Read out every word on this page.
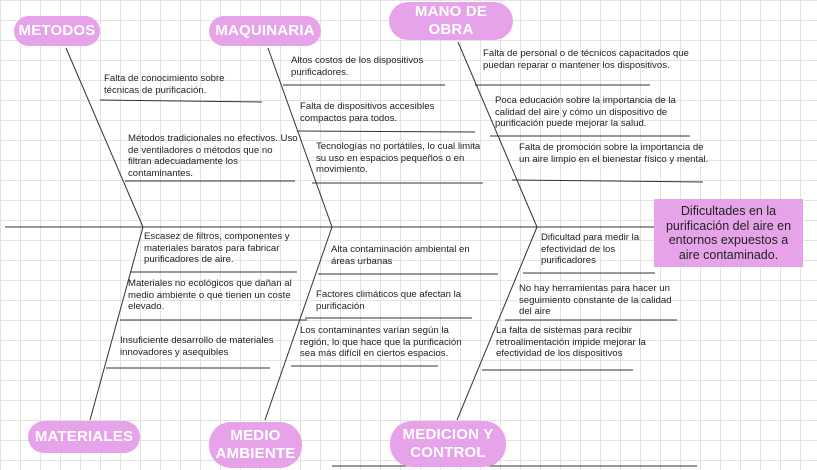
METODOS	MAQUINARIA
MANO DE OBRA
MATERIALES	MEDIO AMBIENTE
MEDICION Y CONTROL
Dificultades en la purificación del aire en entornos expuestos a aire contaminado.

Falta de conocimiento sobre técnicas de purificación.

Métodos tradicionales no efectivos. Uso de ventiladores o métodos que no filtran adecuadamente los contaminantes.

Altos costos de los dispositivos purificadores.

Falta de dispositivos accesibles compactos para todos.

Tecnologías no portátiles, lo cual limita su uso en espacios pequeños o en movimiento.

Falta de personal o de técnicos capacitados que puedan reparar o mantener los dispositivos.

Poca educación sobre la importancia de la calidad del aire y cómo un dispositivo de purificación puede mejorar la salud.

Falta de promoción sobre la importancia de un aire limpio en el bienestar físico y mental.

Escasez de filtros, componentes y materiales baratos para fabricar purificadores de aire.

Materiales no ecológicos que dañan al medio ambiente o que tienen un coste elevado.

Insuficiente desarrollo de materiales innovadores y asequibles

Alta contaminación ambiental en áreas urbanas

Factores climáticos que afectan la purificación

Los contaminantes varían según la región, lo que hace que la purificación sea más difícil en ciertos espacios.

Dificultad para medir la efectividad de los purificadores

No hay herramientas para hacer un seguimiento constante de la calidad del aire

La falta de sistemas para recibir retroalimentación impide mejorar la efectividad de los dispositivos
